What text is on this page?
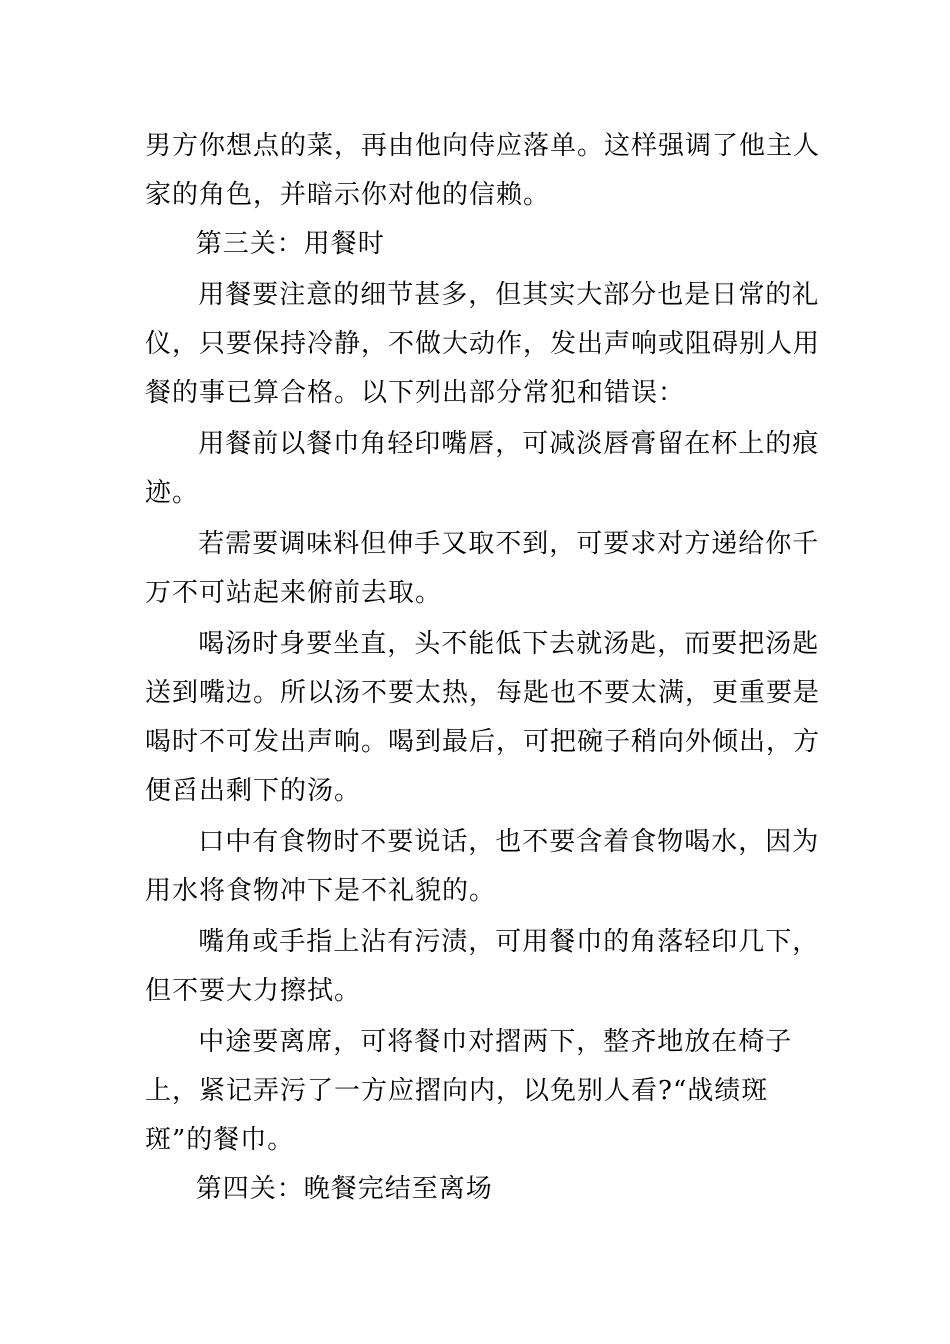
男方你想点的菜，再由他向侍应落单。这样强调了他主人家的角色，并暗示你对他的信赖。

第三关：用餐时

用餐要注意的细节甚多，但其实大部分也是日常的礼仪，只要保持冷静，不做大动作，发出声响或阻碍别人用餐的事已算合格。以下列出部分常犯和错误：

用餐前以餐巾角轻印嘴唇，可减淡唇膏留在杯上的痕迹。

若需要调味料但伸手又取不到，可要求对方递给你千万不可站起来俯前去取。

喝汤时身要坐直，头不能低下去就汤匙，而要把汤匙送到嘴边。所以汤不要太热，每匙也不要太满，更重要是喝时不可发出声响。喝到最后，可把碗子稍向外倾出，方便舀出剩下的汤。

口中有食物时不要说话，也不要含着食物喝水，因为用水将食物冲下是不礼貌的。

嘴角或手指上沾有污渍，可用餐巾的角落轻印几下，但不要大力擦拭。

中途要离席，可将餐巾对摺两下，整齐地放在椅子上，紧记弄污了一方应摺向内，以免别人看?“战绩斑斑”的餐巾。

第四关：晚餐完结至离场
